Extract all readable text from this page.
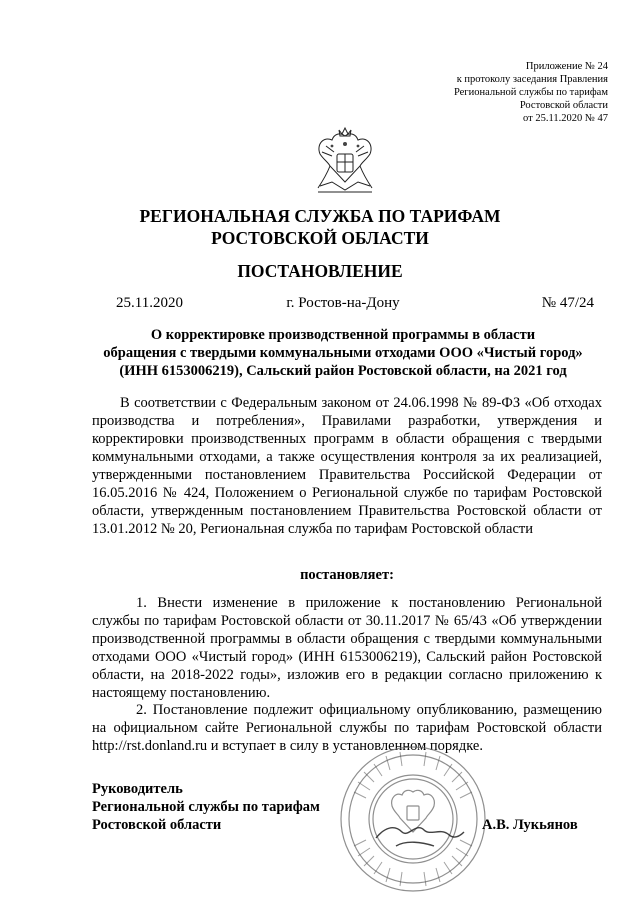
Приложение № 24
к протоколу заседания Правления
Региональной службы по тарифам
Ростовской области
от 25.11.2020 № 47
РЕГИОНАЛЬНАЯ СЛУЖБА ПО ТАРИФАМ
РОСТОВСКОЙ ОБЛАСТИ
ПОСТАНОВЛЕНИЕ
25.11.2020	г. Ростов-на-Дону	№ 47/24
О корректировке производственной программы в области
обращения с твердыми коммунальными отходами ООО «Чистый город»
(ИНН 6153006219), Сальский район Ростовской области, на 2021 год
В соответствии с Федеральным законом от 24.06.1998 № 89-ФЗ «Об отходах производства и потребления», Правилами разработки, утверждения и корректировки производственных программ в области обращения с твердыми коммунальными отходами, а также осуществления контроля за их реализацией, утвержденными постановлением Правительства Российской Федерации от 16.05.2016 № 424, Положением о Региональной службе по тарифам Ростовской области, утвержденным постановлением Правительства Ростовской области от 13.01.2012 № 20, Региональная служба по тарифам Ростовской области
постановляет:
1. Внести изменение в приложение к постановлению Региональной службы по тарифам Ростовской области от 30.11.2017 № 65/43 «Об утверждении производственной программы в области обращения с твердыми коммунальными отходами ООО «Чистый город» (ИНН 6153006219), Сальский район Ростовской области, на 2018-2022 годы», изложив его в редакции согласно приложению к настоящему постановлению.
2. Постановление подлежит официальному опубликованию, размещению на официальном сайте Региональной службы по тарифам Ростовской области http://rst.donland.ru и вступает в силу в установленном порядке.
Руководитель
Региональной службы по тарифам
Ростовской области	А.В. Лукьянов
